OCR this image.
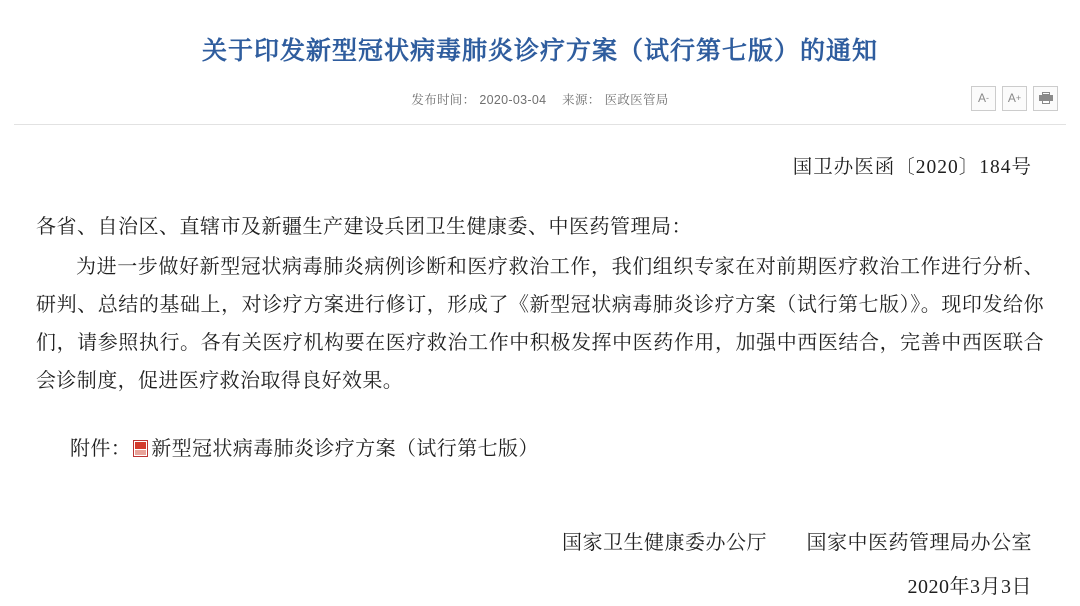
关于印发新型冠状病毒肺炎诊疗方案（试行第七版）的通知
发布时间： 2020-03-04 来源： 医政医管局	A - A +
国卫办医函〔2020〕184号
各省、自治区、直辖市及新疆生产建设兵团卫生健康委、中医药管理局：

为进一步做好新型冠状病毒肺炎病例诊断和医疗救治工作，我们组织专家在对前期医疗救治工作进行分析、研判、总结的基础上，对诊疗方案进行修订，形成了《新型冠状病毒肺炎诊疗方案（试行第七版）》。现印发给你们，请参照执行。各有关医疗机构要在医疗救治工作中积极发挥中医药作用，加强中西医结合，完善中西医联合会诊制度，促进医疗救治取得良好效果。

附件： 新型冠状病毒肺炎诊疗方案（试行第七版）
国家卫生健康委办公厅 国家中医药管理局办公室
2020年3月3日
